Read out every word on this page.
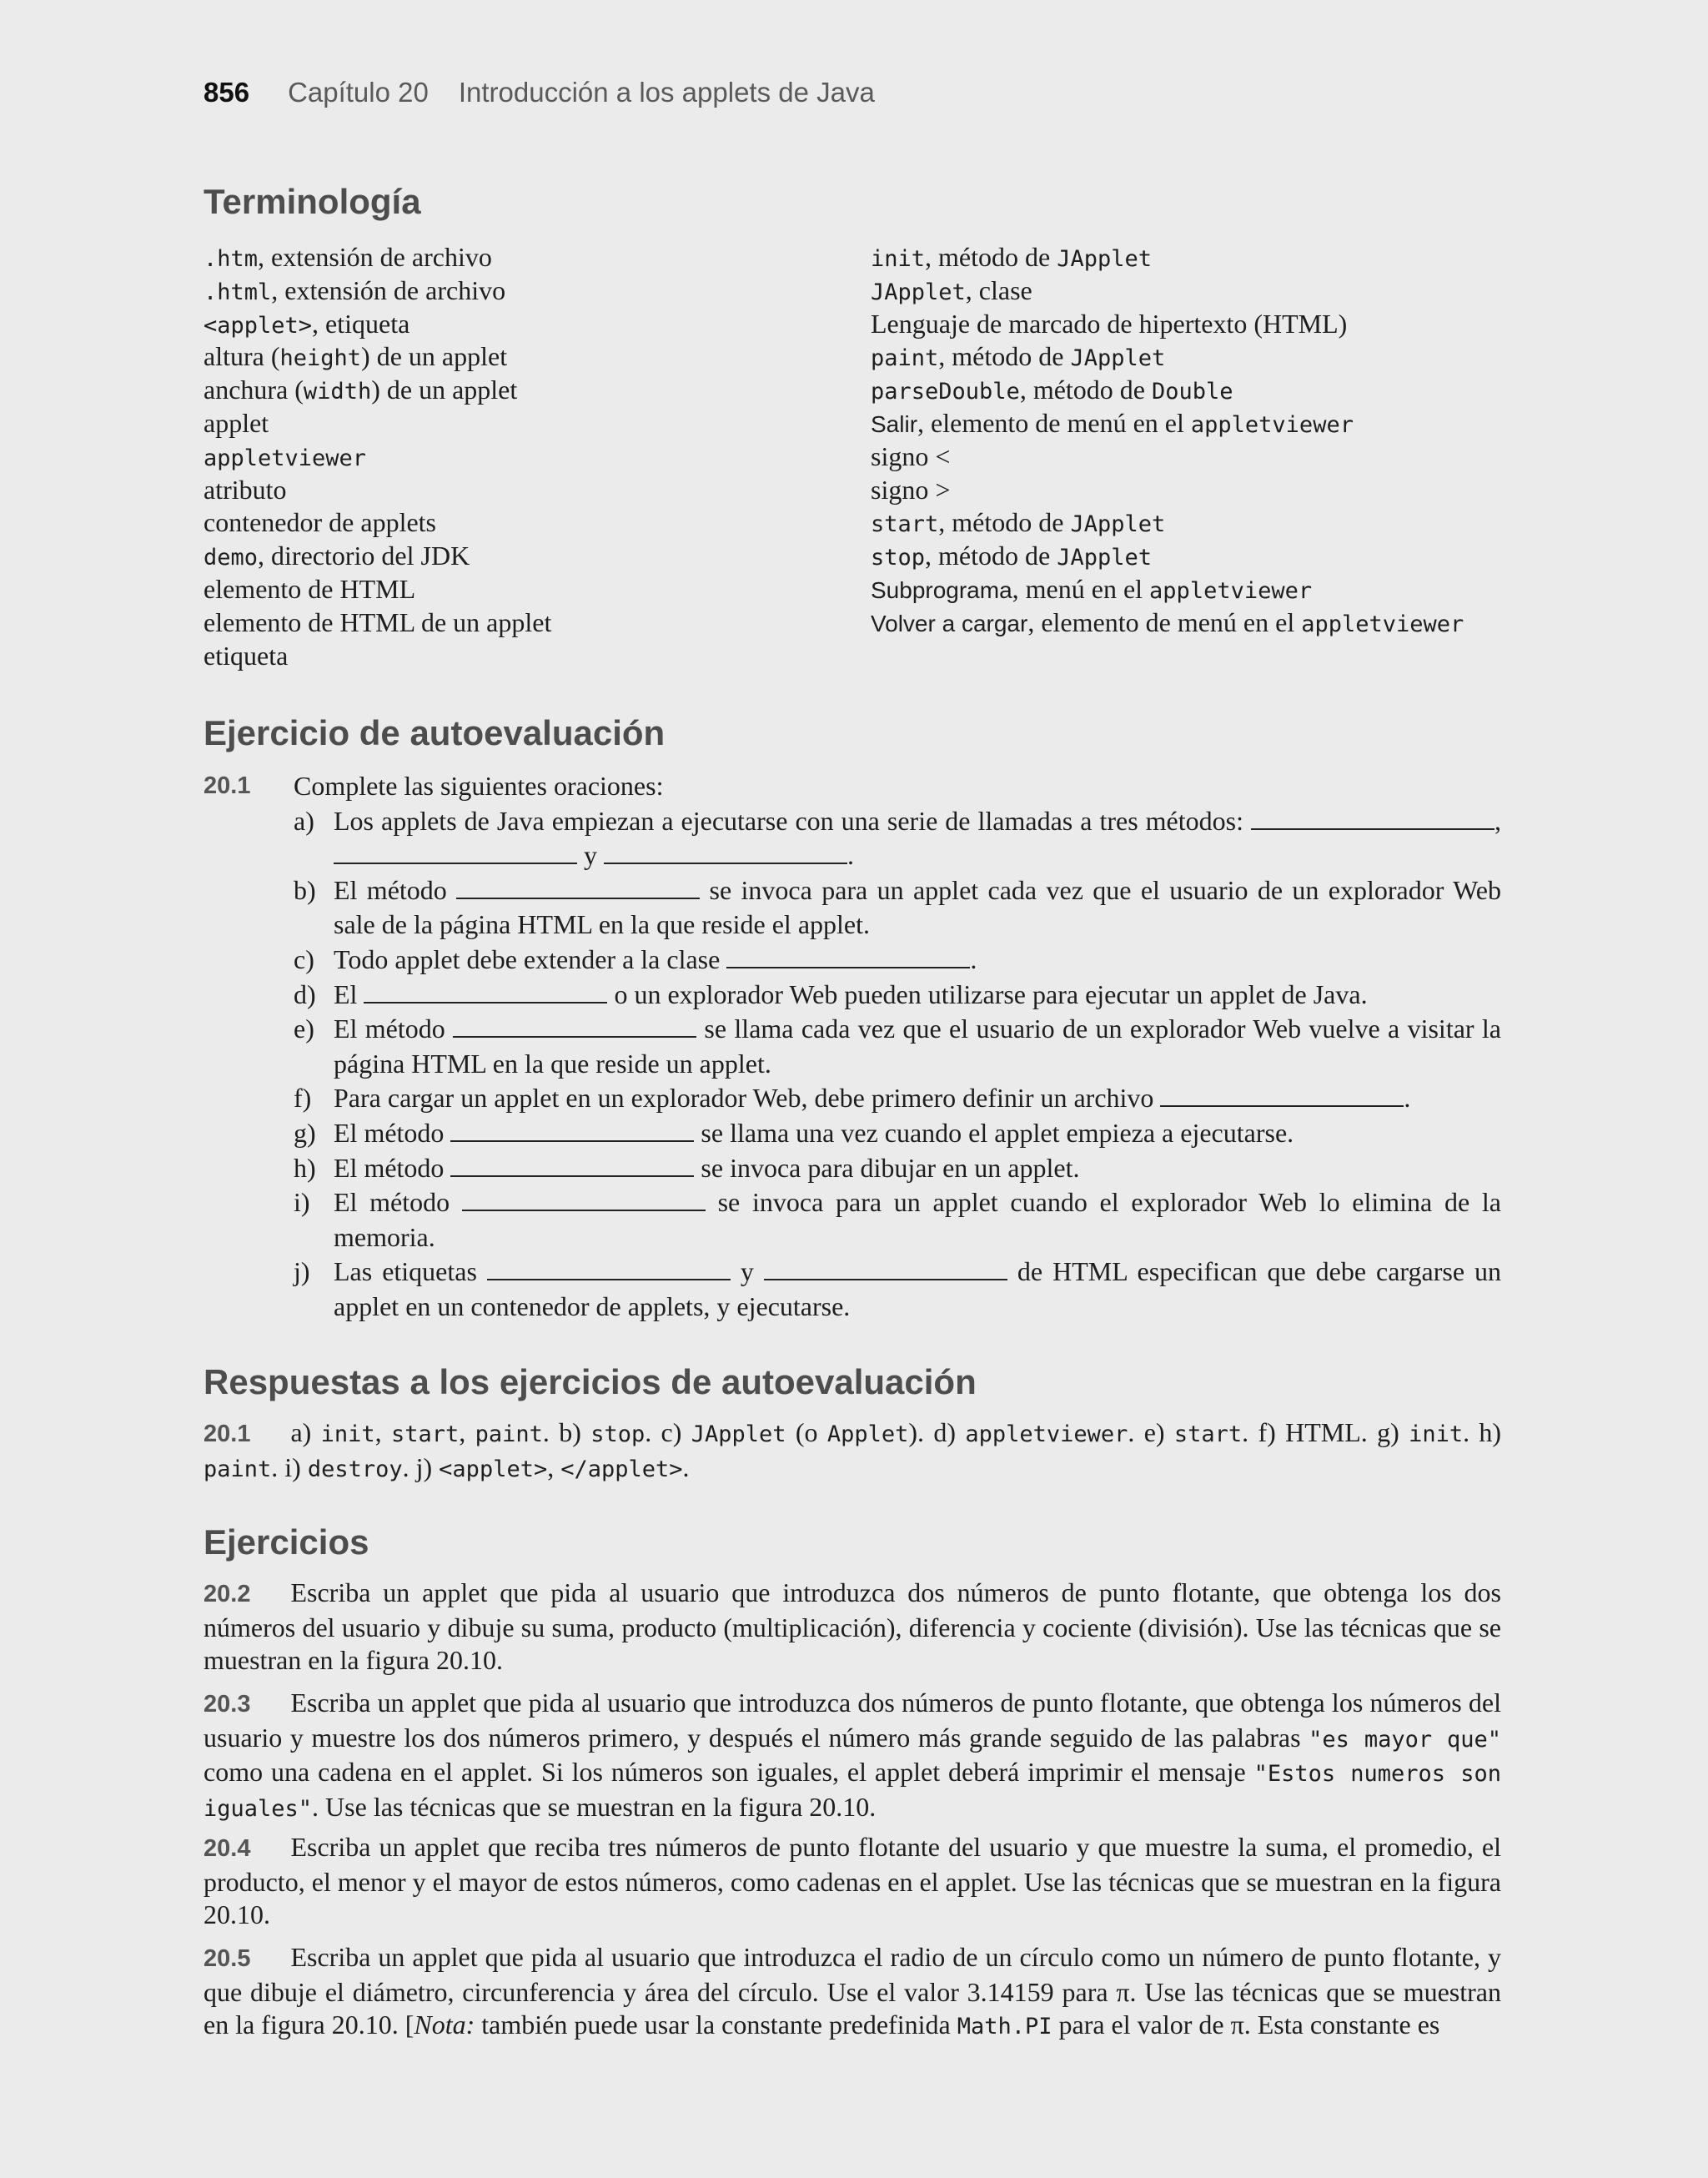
856 Capítulo 20 Introducción a los applets de Java
Terminología
.htm, extensión de archivo
.html, extensión de archivo
<applet>, etiqueta
altura (height) de un applet
anchura (width) de un applet
applet
appletviewer
atributo
contenedor de applets
demo, directorio del JDK
elemento de HTML
elemento de HTML de un applet
etiqueta
init, método de JApplet
JApplet, clase
Lenguaje de marcado de hipertexto (HTML)
paint, método de JApplet
parseDouble, método de Double
Salir, elemento de menú en el appletviewer
signo <
signo >
start, método de JApplet
stop, método de JApplet
Subprograma, menú en el appletviewer
Volver a cargar, elemento de menú en el appletviewer
Ejercicio de autoevaluación
20.1 Complete las siguientes oraciones:
a) Los applets de Java empiezan a ejecutarse con una serie de llamadas a tres métodos:	,  y	.
b) El método	se invoca para un applet cada vez que el usuario de un explorador Web sale de la página HTML en la que reside el applet.
c) Todo applet debe extender a la clase	.
d) El	o un explorador Web pueden utilizarse para ejecutar un applet de Java.
e) El método	se llama cada vez que el usuario de un explorador Web vuelve a visitar la página HTML en la que reside un applet.
f) Para cargar un applet en un explorador Web, debe primero definir un archivo	.
g) El método	se llama una vez cuando el applet empieza a ejecutarse.
h) El método	se invoca para dibujar en un applet.
i) El método	se invoca para un applet cuando el explorador Web lo elimina de la memoria.
j) Las etiquetas	y	de HTML especifican que debe cargarse un applet en un contenedor de applets, y ejecutarse.
Respuestas a los ejercicios de autoevaluación
20.1 a) init, start, paint. b) stop. c) JApplet (o Applet). d) appletviewer. e) start. f) HTML. g) init. h) paint. i) destroy. j) <applet>, </applet>.
Ejercicios
20.2 Escriba un applet que pida al usuario que introduzca dos números de punto flotante, que obtenga los dos números del usuario y dibuje su suma, producto (multiplicación), diferencia y cociente (división). Use las técnicas que se muestran en la figura 20.10.
20.3 Escriba un applet que pida al usuario que introduzca dos números de punto flotante, que obtenga los números del usuario y muestre los dos números primero, y después el número más grande seguido de las palabras "es mayor que" como una cadena en el applet. Si los números son iguales, el applet deberá imprimir el mensaje "Estos numeros son iguales". Use las técnicas que se muestran en la figura 20.10.
20.4 Escriba un applet que reciba tres números de punto flotante del usuario y que muestre la suma, el promedio, el producto, el menor y el mayor de estos números, como cadenas en el applet. Use las técnicas que se muestran en la figura 20.10.
20.5 Escriba un applet que pida al usuario que introduzca el radio de un círculo como un número de punto flotante, y que dibuje el diámetro, circunferencia y área del círculo. Use el valor 3.14159 para π. Use las técnicas que se muestran en la figura 20.10. [Nota: también puede usar la constante predefinida Math.PI para el valor de π. Esta constante es
